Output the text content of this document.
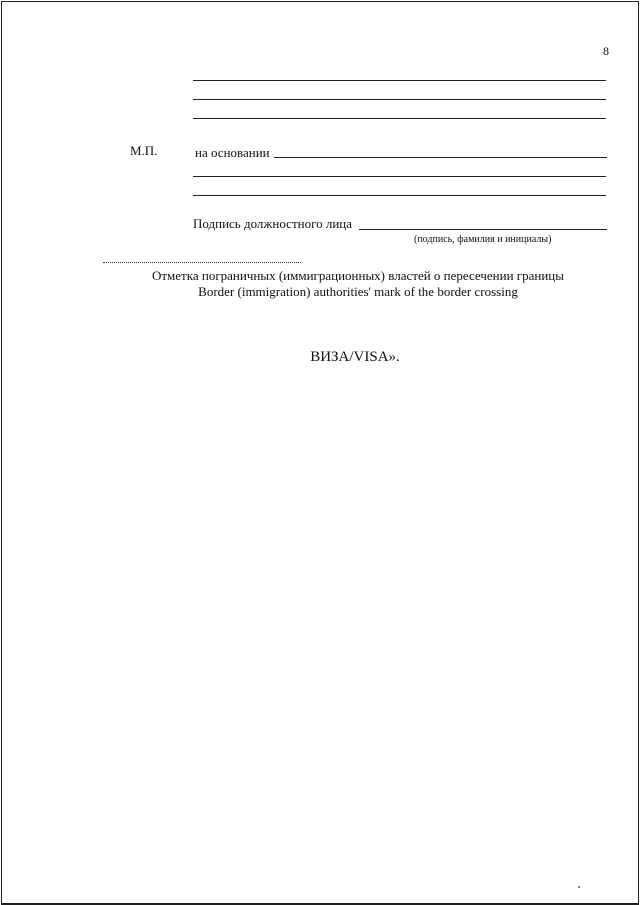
8
М.П.	на основании
Подпись должностного лица
(подпись, фамилия и инициалы)
Отметка пограничных (иммиграционных) властей о пересечении границы
Border (immigration) authorities' mark of the border crossing
ВИЗА/VISA».
